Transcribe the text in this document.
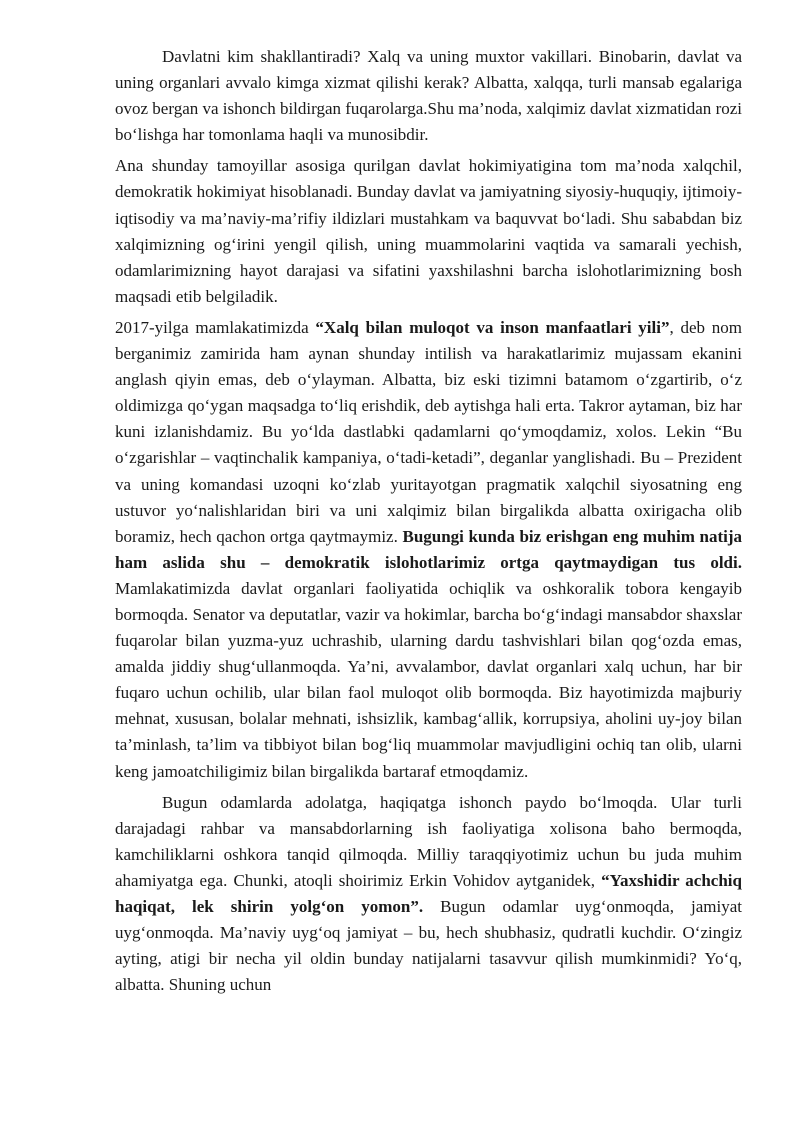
Davlatni kim shakllantiradi? Xalq va uning muxtor vakillari. Binobarin, davlat va uning organlari avvalo kimga xizmat qilishi kerak? Albatta, xalqqa, turli mansab egalariga ovoz bergan va ishonch bildirgan fuqarolarga.Shu ma’noda, xalqimiz davlat xizmatidan rozi bo‘lishga har tomonlama haqli va munosibdir.

Ana shunday tamoyillar asosiga qurilgan davlat hokimiyatigina tom ma’noda xalqchil, demokratik hokimiyat hisoblanadi. Bunday davlat va jamiyatning siyosiy-huquqiy, ijtimoiy-iqtisodiy va ma’naviy-ma’rifiy ildizlari mustahkam va baquvvat bo‘ladi. Shu sababdan biz xalqimizning og‘irini yengil qilish, uning muammolarini vaqtida va samarali yechish, odamlarimizning hayot darajasi va sifatini yaxshilashni barcha islohotlarimizning bosh maqsadi etib belgiladik.

2017-yilga mamlakatimizda “Xalq bilan muloqot va inson manfaatlari yili”, deb nom berganimiz zamirida ham aynan shunday intilish va harakatlarimiz mujassam ekanini anglash qiyin emas, deb o‘ylayman. Albatta, biz eski tizimni batamom o‘zgartirib, o‘z oldimizga qo‘ygan maqsadga to‘liq erishdik, deb aytishga hali erta. Takror aytaman, biz har kuni izlanishdamiz. Bu yo‘lda dastlabki qadamlarni qo‘ymoqdamiz, xolos. Lekin “Bu o‘zgarishlar – vaqtinchalik kampaniya, o‘tadi-ketadi”, deganlar yanglishadi. Bu – Prezident va uning komandasi uzoqni ko‘zlab yuritayotgan pragmatik xalqchil siyosatning eng ustuvor yo‘nalishlaridan biri va uni xalqimiz bilan birgalikda albatta oxirigacha olib boramiz, hech qachon ortga qaytmaymiz. Bugungi kunda biz erishgan eng muhim natija ham aslida shu – demokratik islohotlarimiz ortga qaytmaydigan tus oldi. Mamlakatimizda davlat organlari faoliyatida ochiqlik va oshkoralik tobora kengayib bormoqda. Senator va deputatlar, vazir va hokimlar, barcha bo‘g‘indagi mansabdor shaxslar fuqarolar bilan yuzma-yuz uchrashib, ularning dardu tashvishlari bilan qog‘ozda emas, amalda jiddiy shug‘ullanmoqda. Ya’ni, avvalambor, davlat organlari xalq uchun, har bir fuqaro uchun ochilib, ular bilan faol muloqot olib bormoqda. Biz hayotimizda majburiy mehnat, xususan, bolalar mehnati, ishsizlik, kambag‘allik, korrupsiya, aholini uy-joy bilan ta’minlash, ta’lim va tibbiyot bilan bog‘liq muammolar mavjudligini ochiq tan olib, ularni keng jamoatchiligimiz bilan birgalikda bartaraf etmoqdamiz.

Bugun odamlarda adolatga, haqiqatga ishonch paydo bo‘lmoqda. Ular turli darajadagi rahbar va mansabdorlarning ish faoliyatiga xolisona baho bermoqda, kamchiliklarni oshkora tanqid qilmoqda. Milliy taraqqiyotimiz uchun bu juda muhim ahamiyatga ega. Chunki, atoqli shoirimiz Erkin Vohidov aytganidek, “Yaxshidir achchiq haqiqat, lek shirin yolg‘on yomon”. Bugun odamlar uyg‘onmoqda, jamiyat uyg‘onmoqda. Ma’naviy uyg‘oq jamiyat – bu, hech shubhasiz, qudratli kuchdir. O‘zingiz ayting, atigi bir necha yil oldin bunday natijalarni tasavvur qilish mumkinmidi? Yo‘q, albatta. Shuning uchun
